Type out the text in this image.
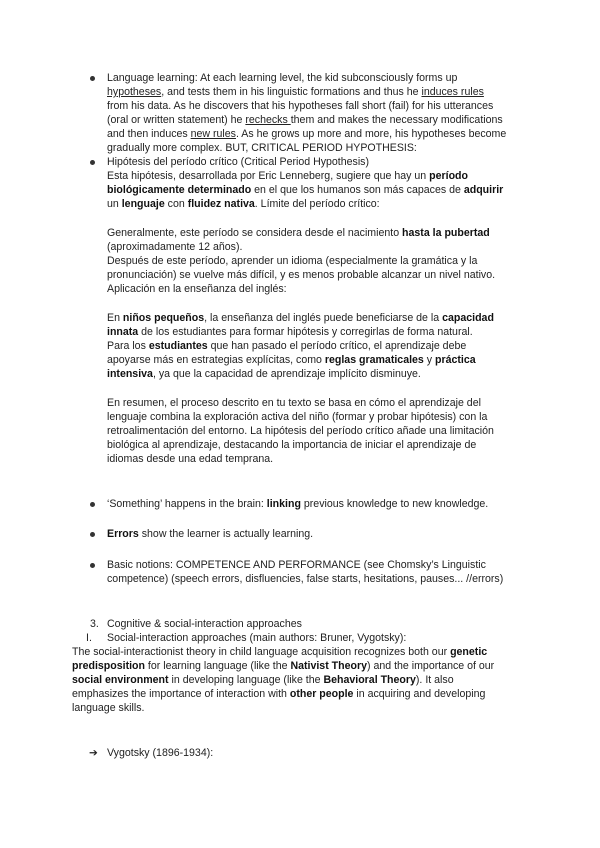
Language learning: At each learning level, the kid subconsciously forms up
hypotheses, and tests them in his linguistic formations and thus he induces rules
from his data. As he discovers that his hypotheses fall short (fail) for his utterances
(oral or written statement) he rechecks them and makes the necessary modifications
and then induces new rules. As he grows up more and more, his hypotheses become
gradually more complex. BUT, CRITICAL PERIOD HYPOTHESIS:
Hipótesis del período crítico (Critical Period Hypothesis)
Esta hipótesis, desarrollada por Eric Lenneberg, sugiere que hay un período
biológicamente determinado en el que los humanos son más capaces de adquirir
un lenguaje con fluidez nativa. Límite del período crítico:
Generalmente, este período se considera desde el nacimiento hasta la pubertad
(aproximadamente 12 años).
Después de este período, aprender un idioma (especialmente la gramática y la
pronunciación) se vuelve más difícil, y es menos probable alcanzar un nivel nativo.
Aplicación en la enseñanza del inglés:
En niños pequeños, la enseñanza del inglés puede beneficiarse de la capacidad
innata de los estudiantes para formar hipótesis y corregirlas de forma natural.
Para los estudiantes que han pasado el período crítico, el aprendizaje debe
apoyarse más en estrategias explícitas, como reglas gramaticales y práctica
intensiva, ya que la capacidad de aprendizaje implícito disminuye.
En resumen, el proceso descrito en tu texto se basa en cómo el aprendizaje del
lenguaje combina la exploración activa del niño (formar y probar hipótesis) con la
retroalimentación del entorno. La hipótesis del período crítico añade una limitación
biológica al aprendizaje, destacando la importancia de iniciar el aprendizaje de
idiomas desde una edad temprana.
‘Something’ happens in the brain: linking previous knowledge to new knowledge.
Errors show the learner is actually learning.
Basic notions: COMPETENCE AND PERFORMANCE (see Chomsky’s Linguistic
competence) (speech errors, disfluencies, false starts, hesitations, pauses... //errors)
3. Cognitive & social-interaction approaches
I. Social-interaction approaches (main authors: Bruner, Vygotsky):
The social-interactionist theory in child language acquisition recognizes both our genetic
predisposition for learning language (like the Nativist Theory) and the importance of our
social environment in developing language (like the Behavioral Theory). It also
emphasizes the importance of interaction with other people in acquiring and developing
language skills.
➔ Vygotsky (1896-1934):
